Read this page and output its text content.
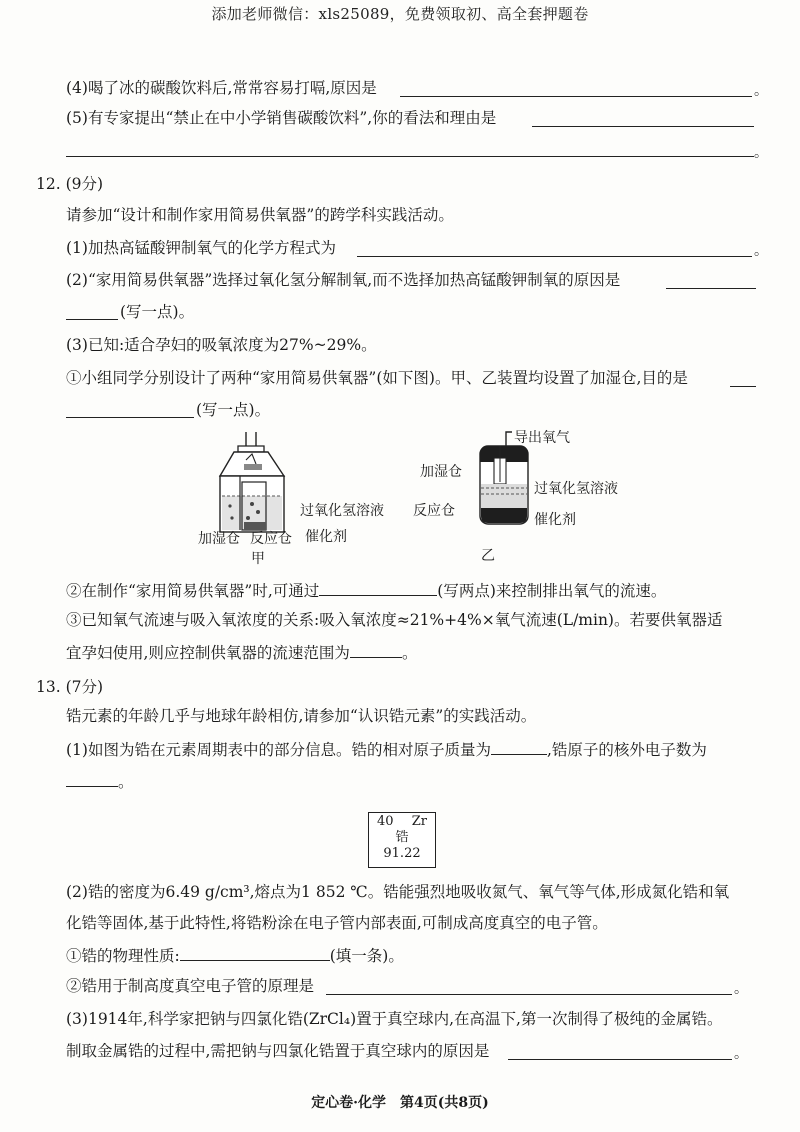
添加老师微信：xls25089，免费领取初、高全套押题卷
(4)喝了冰的碳酸饮料后,常常容易打嗝,原因是	。
(5)有专家提出“禁止在中小学销售碳酸饮料”,你的看法和理由是
。
12. (9分)
请参加“设计和制作家用简易供氧器”的跨学科实践活动。
(1)加热高锰酸钾制氧气的化学方程式为	。
(2)“家用简易供氧器”选择过氧化氢分解制氧,而不选择加热高锰酸钾制氧的原因是
(写一点)。
(3)已知:适合孕妇的吸氧浓度为27%~29%。
①小组同学分别设计了两种“家用简易供氧器”(如下图)。甲、乙装置均设置了加湿仓,目的是
(写一点)。
过氧化氢溶液
加湿仓 反应仓 催化剂
甲
导出氧气
加湿仓
过氧化氢溶液
反应仓
催化剂
乙
②在制作“家用简易供氧器”时,可通过	(写两点)来控制排出氧气的流速。
③已知氧气流速与吸入氧浓度的关系:吸入氧浓度≈21%+4%×氧气流速(L/min)。若要供氧器适
宜孕妇使用,则应控制供氧器的流速范围为	。
13. (7分)
锆元素的年龄几乎与地球年龄相仿,请参加“认识锆元素”的实践活动。
(1)如图为锆在元素周期表中的部分信息。锆的相对原子质量为	,锆原子的核外电子数为
。
40 Zr
锆
91.22
(2)锆的密度为6.49 g/cm³,熔点为1 852 ℃。锆能强烈地吸收氮气、氧气等气体,形成氮化锆和氧
化锆等固体,基于此特性,将锆粉涂在电子管内部表面,可制成高度真空的电子管。
①锆的物理性质:	(填一条)。
②锆用于制高度真空电子管的原理是	。
(3)1914年,科学家把钠与四氯化锆(ZrCl₄)置于真空球内,在高温下,第一次制得了极纯的金属锆。
制取金属锆的过程中,需把钠与四氯化锆置于真空球内的原因是	。
定心卷·化学　第4页(共8页)
